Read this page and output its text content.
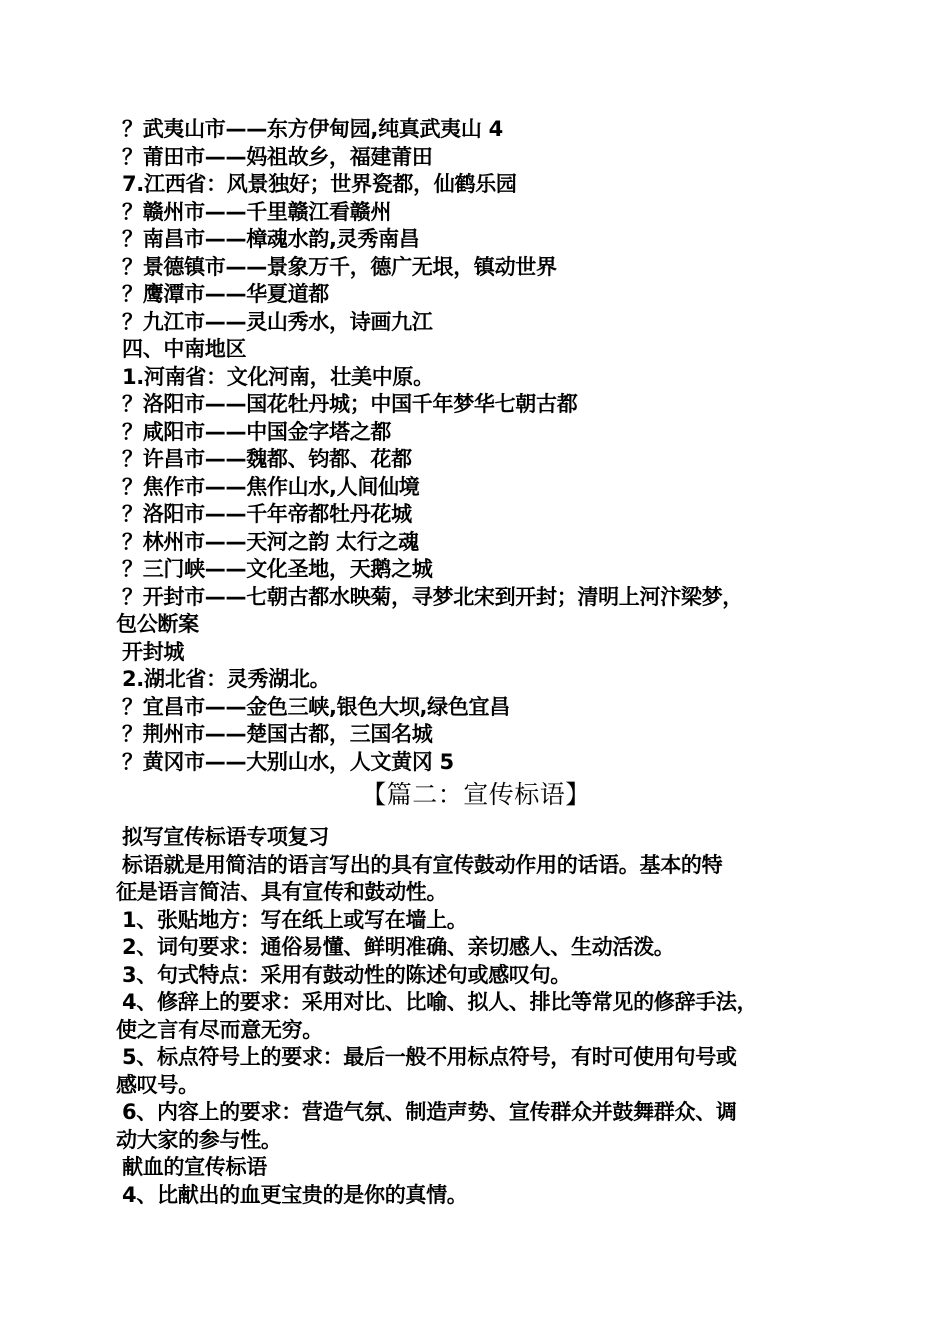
？武夷山市——东方伊甸园,纯真武夷山 4
？莆田市——妈祖故乡，福建莆田
7.江西省：风景独好；世界瓷都，仙鹤乐园
？赣州市——千里赣江看赣州
？南昌市——樟魂水韵,灵秀南昌
？景德镇市——景象万千，德广无垠，镇动世界
？鹰潭市——华夏道都
？九江市——灵山秀水，诗画九江
四、中南地区
1.河南省：文化河南，壮美中原。
？洛阳市——国花牡丹城；中国千年梦华七朝古都
？咸阳市——中国金字塔之都
？许昌市——魏都、钧都、花都
？焦作市——焦作山水,人间仙境
？洛阳市——千年帝都牡丹花城
？林州市——天河之韵 太行之魂
？三门峡——文化圣地，天鹅之城
？开封市——七朝古都水映菊，寻梦北宋到开封；清明上河汴梁梦，
包公断案
开封城
2.湖北省：灵秀湖北。
？宜昌市——金色三峡,银色大坝,绿色宜昌
？荆州市——楚国古都，三国名城
？黄冈市——大别山水，人文黄冈 5
【篇二：宣传标语】
拟写宣传标语专项复习
标语就是用简洁的语言写出的具有宣传鼓动作用的话语。基本的特
征是语言简洁、具有宣传和鼓动性。
1、张贴地方：写在纸上或写在墙上。
2、词句要求：通俗易懂、鲜明准确、亲切感人、生动活泼。
3、句式特点：采用有鼓动性的陈述句或感叹句。
4、修辞上的要求：采用对比、比喻、拟人、排比等常见的修辞手法，
使之言有尽而意无穷。
5、标点符号上的要求：最后一般不用标点符号，有时可使用句号或
感叹号。
6、内容上的要求：营造气氛、制造声势、宣传群众并鼓舞群众、调
动大家的参与性。
献血的宣传标语
4、比献出的血更宝贵的是你的真情。
